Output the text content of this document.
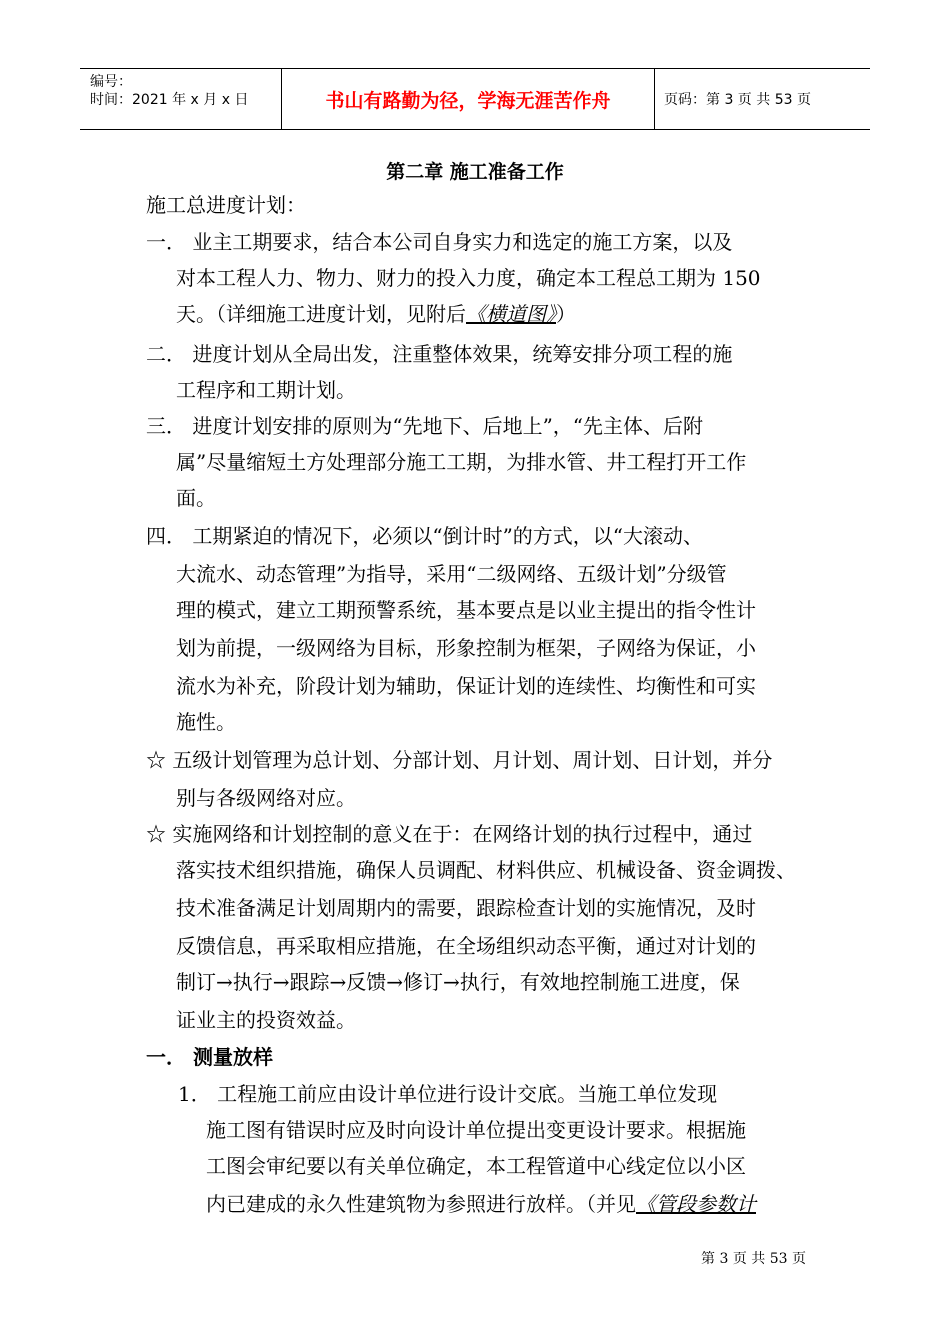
编号：
时间：2021 年 x 月 x 日	书山有路勤为径，学海无涯苦作舟	页码：第 3 页 共 53 页
第二章 施工准备工作
施工总进度计划：
一． 业主工期要求，结合本公司自身实力和选定的施工方案，以及
对本工程人力、物力、财力的投入力度，确定本工程总工期为 150
天。（详细施工进度计划，见附后《横道图》）
二． 进度计划从全局出发，注重整体效果，统筹安排分项工程的施
工程序和工期计划。
三． 进度计划安排的原则为“先地下、后地上”，“先主体、后附
属”尽量缩短土方处理部分施工工期，为排水管、井工程打开工作
面。
四． 工期紧迫的情况下，必须以“倒计时”的方式，以“大滚动、
大流水、动态管理”为指导，采用“二级网络、五级计划”分级管
理的模式，建立工期预警系统，基本要点是以业主提出的指令性计
划为前提，一级网络为目标，形象控制为框架，子网络为保证，小
流水为补充，阶段计划为辅助，保证计划的连续性、均衡性和可实
施性。
☆ 五级计划管理为总计划、分部计划、月计划、周计划、日计划，并分
别与各级网络对应。
☆ 实施网络和计划控制的意义在于：在网络计划的执行过程中，通过
落实技术组织措施，确保人员调配、材料供应、机械设备、资金调拨、
技术准备满足计划周期内的需要，跟踪检查计划的实施情况，及时
反馈信息，再采取相应措施，在全场组织动态平衡，通过对计划的
制订→执行→跟踪→反馈→修订→执行，有效地控制施工进度，保
证业主的投资效益。
一． 测量放样
1． 工程施工前应由设计单位进行设计交底。当施工单位发现
施工图有错误时应及时向设计单位提出变更设计要求。根据施
工图会审纪要以有关单位确定，本工程管道中心线定位以小区
内已建成的永久性建筑物为参照进行放样。（并见《管段参数计
第 3 页 共 53 页
